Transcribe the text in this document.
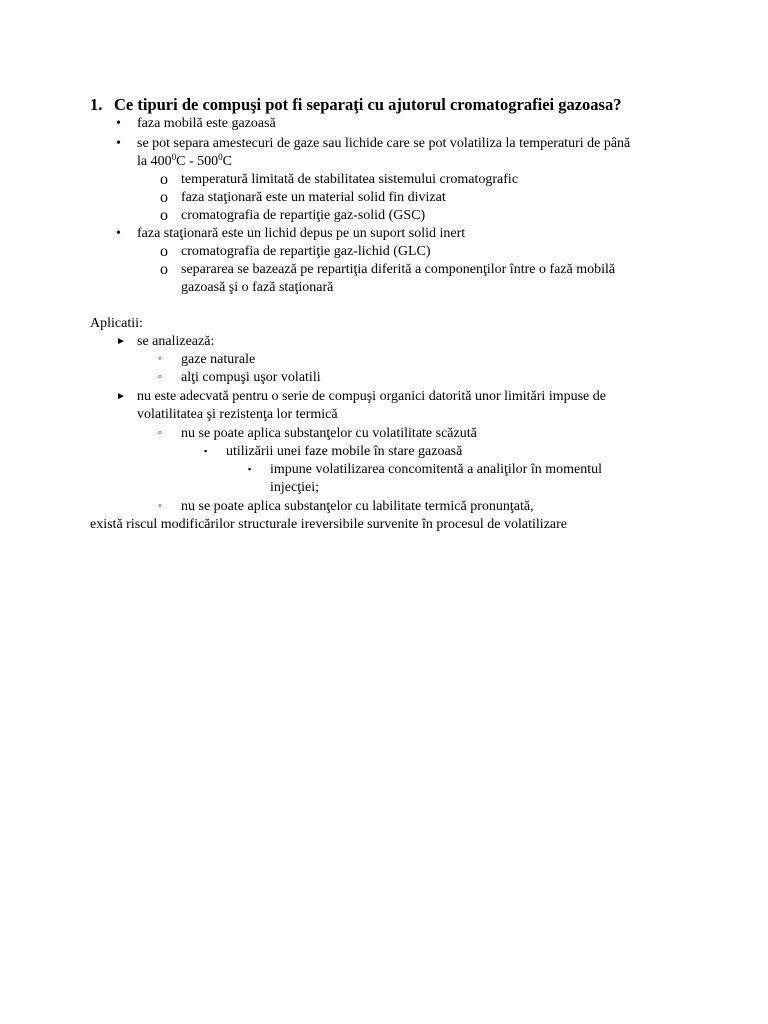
1. Ce tipuri de compuşi pot fi separaţi cu ajutorul cromatografiei gazoasa?
• faza mobilă este gazoasă
• se pot separa amestecuri de gaze sau lichide care se pot volatiliza la temperaturi de până
la $400^0C - 500^0C$
o temperatură limitată de stabilitatea sistemului cromatografic
o faza staţionară este un material solid fin divizat
o cromatografia de repartiţie gaz-solid (GSC)
• faza staţionară este un lichid depus pe un suport solid inert
o cromatografia de repartiţie gaz-lichid (GLC)
o separarea se bazează pe repartiţia diferită a componenţilor între o fază mobilă
gazoasă şi o fază staţionară
Aplicatii:
► se analizează:
◦ gaze naturale
◦ alţi compuşi uşor volatili
► nu este adecvată pentru o serie de compuşi organici datorită unor limitări impuse de
volatilitatea şi rezistenţa lor termică
◦ nu se poate aplica substanţelor cu volatilitate scăzută
▪ utilizării unei faze mobile în stare gazoasă
▪ impune volatilizarea concomitentă a analiţilor în momentul
injecţiei;
◦ nu se poate aplica substanţelor cu labilitate termică pronunţată,
există riscul modificărilor structurale ireversibile survenite în procesul de volatilizare
